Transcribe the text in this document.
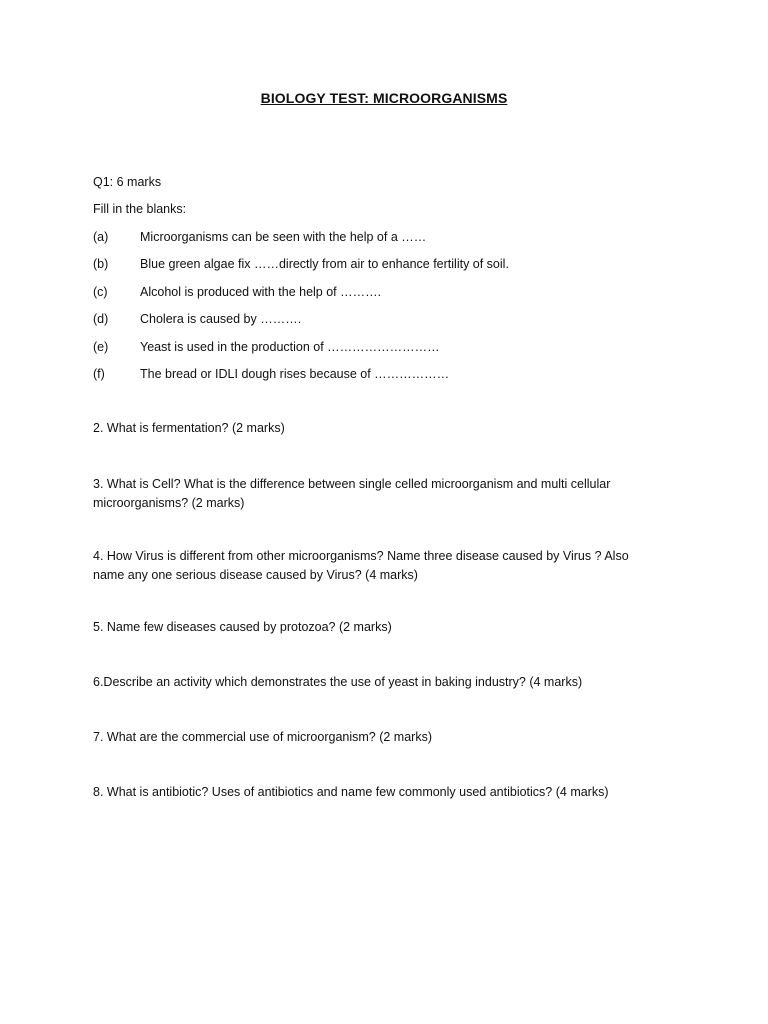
BIOLOGY TEST: MICROORGANISMS
Q1: 6 marks
Fill in the blanks:
(a)	Microorganisms can be seen with the help of a ……
(b)	Blue green algae fix ……directly from air to enhance fertility of soil.
(c)	Alcohol is produced with the help of ……….
(d)	Cholera is caused by ……….
(e)	Yeast is used in the production of ………………………
(f)	The bread or IDLI dough rises because of ………………
2. What is fermentation? (2 marks)
3. What is Cell? What is the difference between single celled microorganism and multi cellular microorganisms? (2 marks)
4. How Virus is different from other microorganisms? Name three disease caused by Virus ? Also name any one serious disease caused by Virus? (4 marks)
5. Name few diseases caused by protozoa? (2 marks)
6.Describe an activity which demonstrates the use of yeast in baking industry? (4 marks)
7. What are the commercial use of microorganism? (2 marks)
8. What is antibiotic? Uses of antibiotics and name few commonly used antibiotics? (4 marks)
